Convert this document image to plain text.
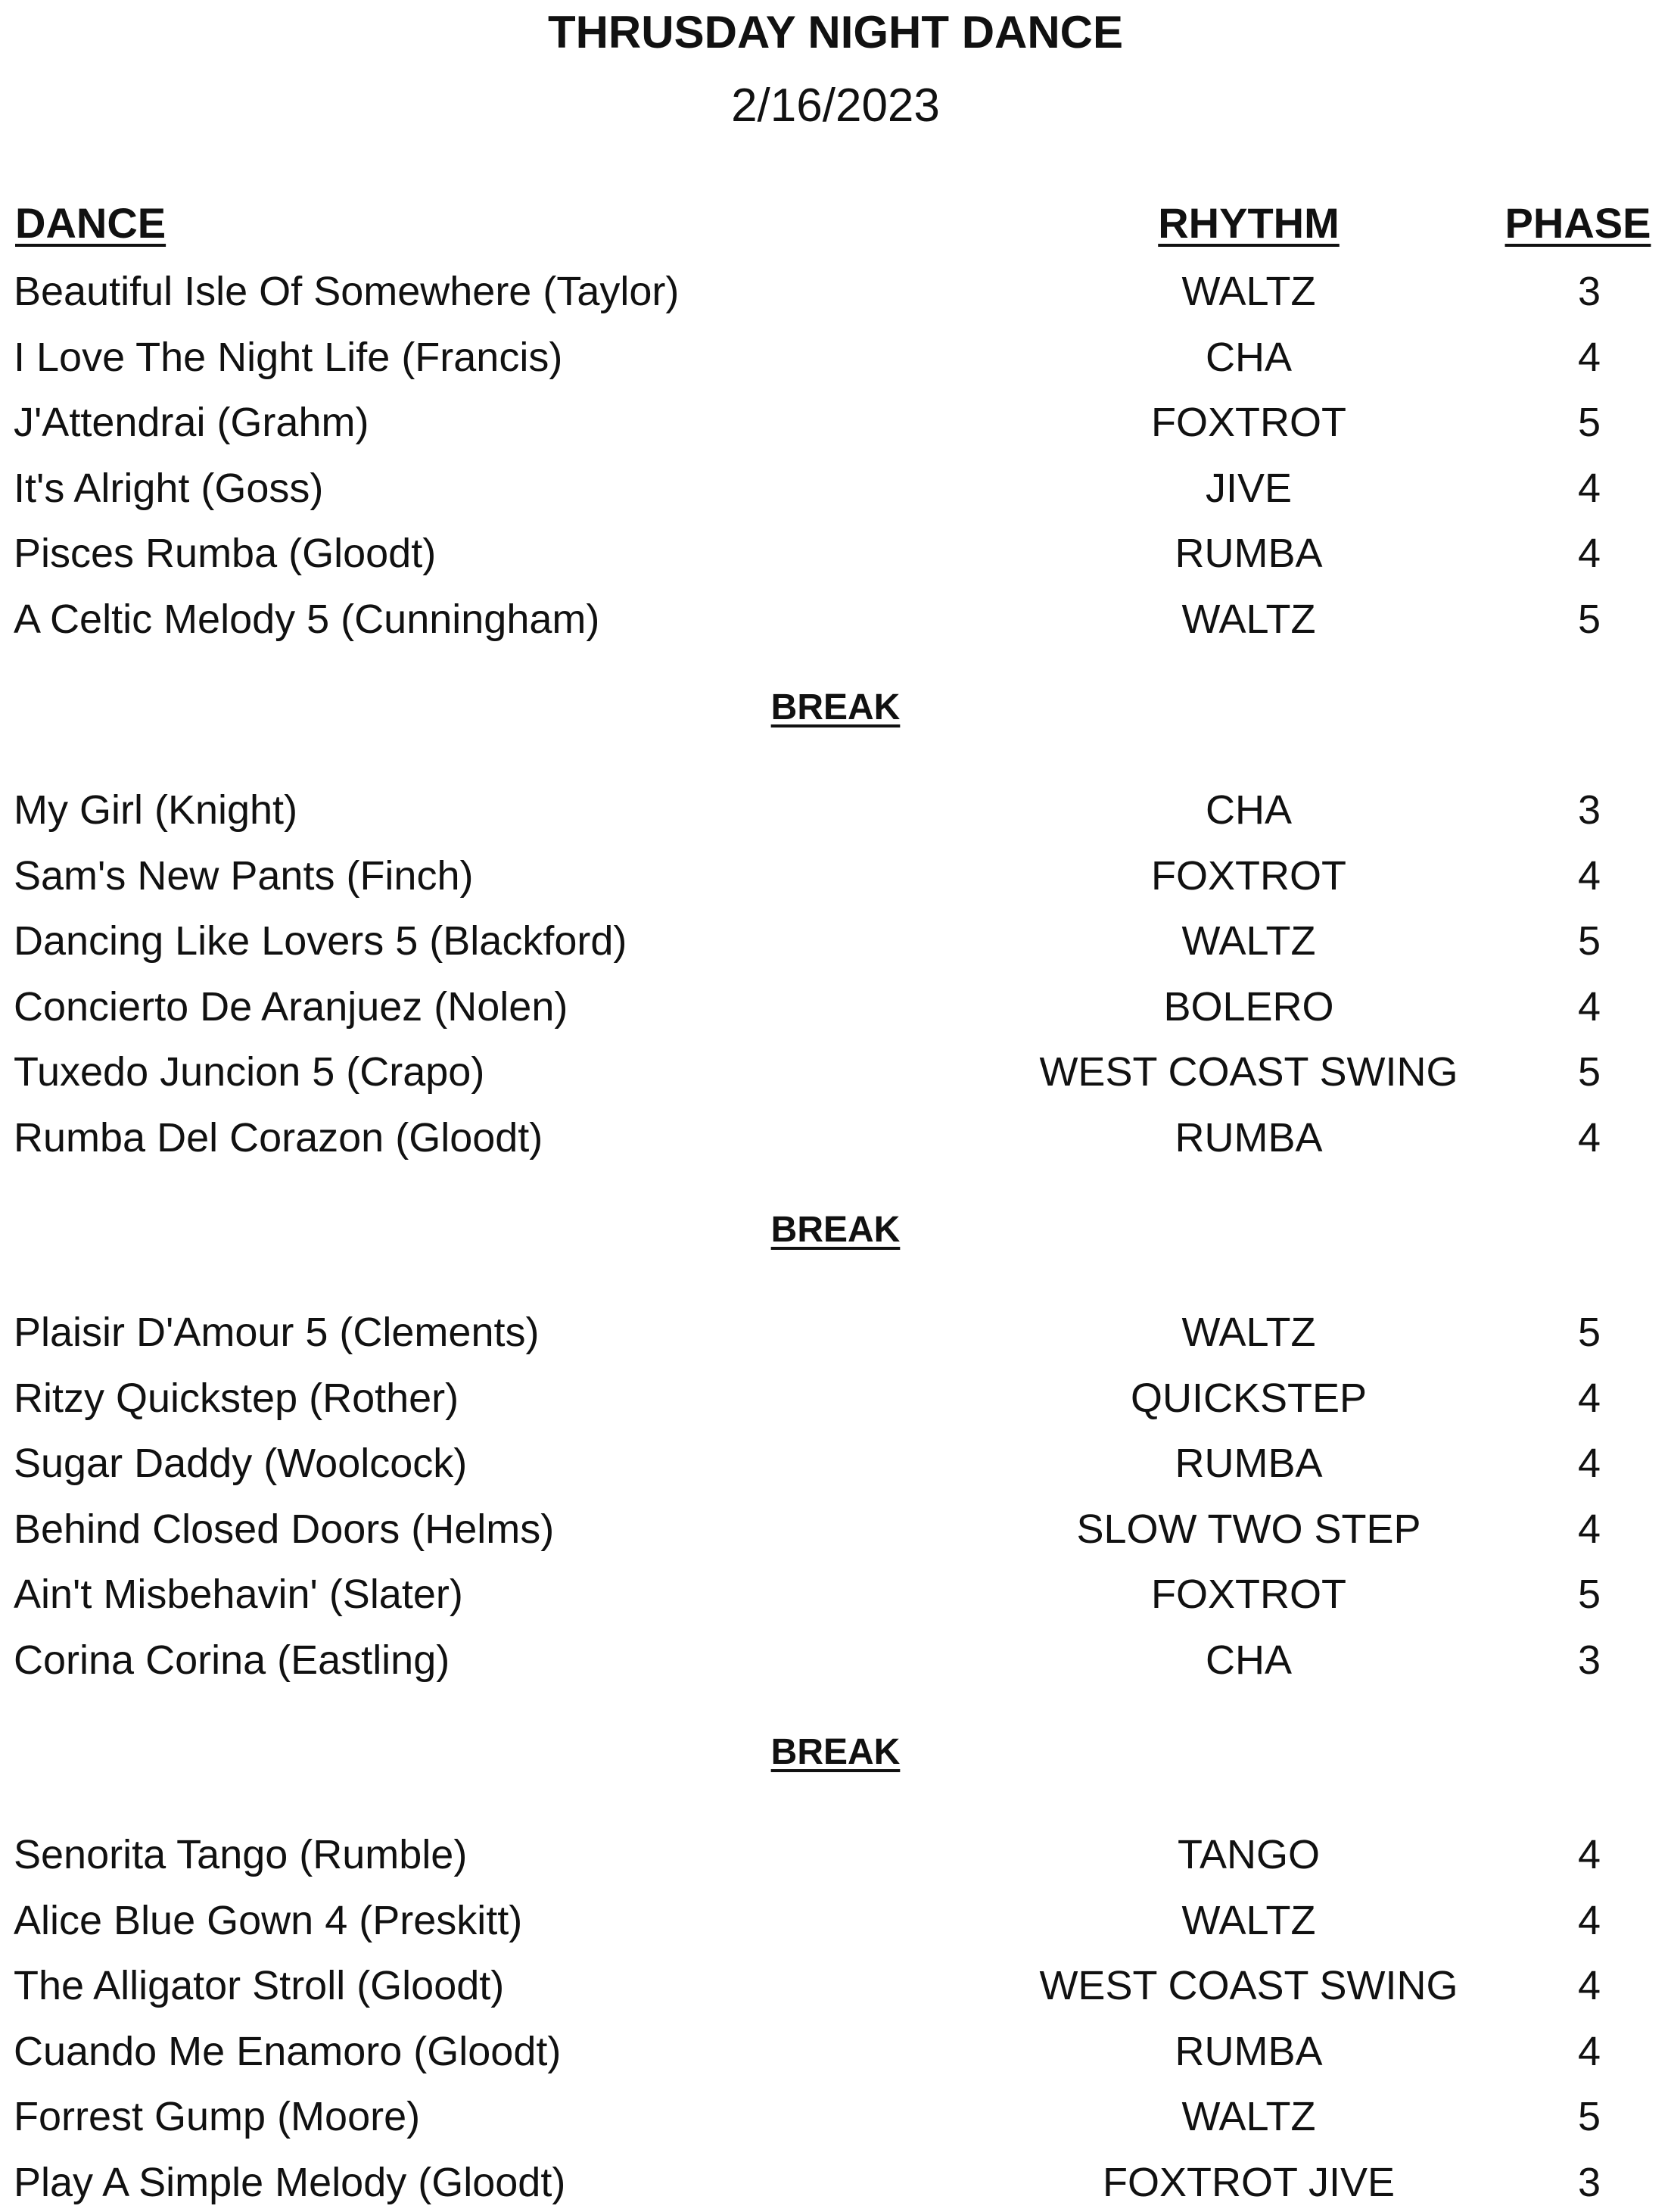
THRUSDAY NIGHT DANCE
2/16/2023
DANCE	RHYTHM	PHASE
Beautiful Isle Of Somewhere (Taylor)	WALTZ	3
I Love The Night Life (Francis)	CHA	4
J'Attendrai (Grahm)	FOXTROT	5
It's Alright (Goss)	JIVE	4
Pisces Rumba (Gloodt)	RUMBA	4
A Celtic Melody 5 (Cunningham)	WALTZ	5
BREAK
My Girl (Knight)	CHA	3
Sam's New Pants (Finch)	FOXTROT	4
Dancing Like Lovers 5 (Blackford)	WALTZ	5
Concierto De Aranjuez (Nolen)	BOLERO	4
Tuxedo Juncion 5 (Crapo)	WEST COAST SWING	5
Rumba Del Corazon (Gloodt)	RUMBA	4
BREAK
Plaisir D'Amour 5 (Clements)	WALTZ	5
Ritzy Quickstep (Rother)	QUICKSTEP	4
Sugar Daddy (Woolcock)	RUMBA	4
Behind Closed Doors (Helms)	SLOW TWO STEP	4
Ain't Misbehavin' (Slater)	FOXTROT	5
Corina Corina (Eastling)	CHA	3
BREAK
Senorita Tango (Rumble)	TANGO	4
Alice Blue Gown 4 (Preskitt)	WALTZ	4
The Alligator Stroll (Gloodt)	WEST COAST SWING	4
Cuando Me Enamoro (Gloodt)	RUMBA	4
Forrest Gump (Moore)	WALTZ	5
Play A Simple Melody (Gloodt)	FOXTROT JIVE	3
